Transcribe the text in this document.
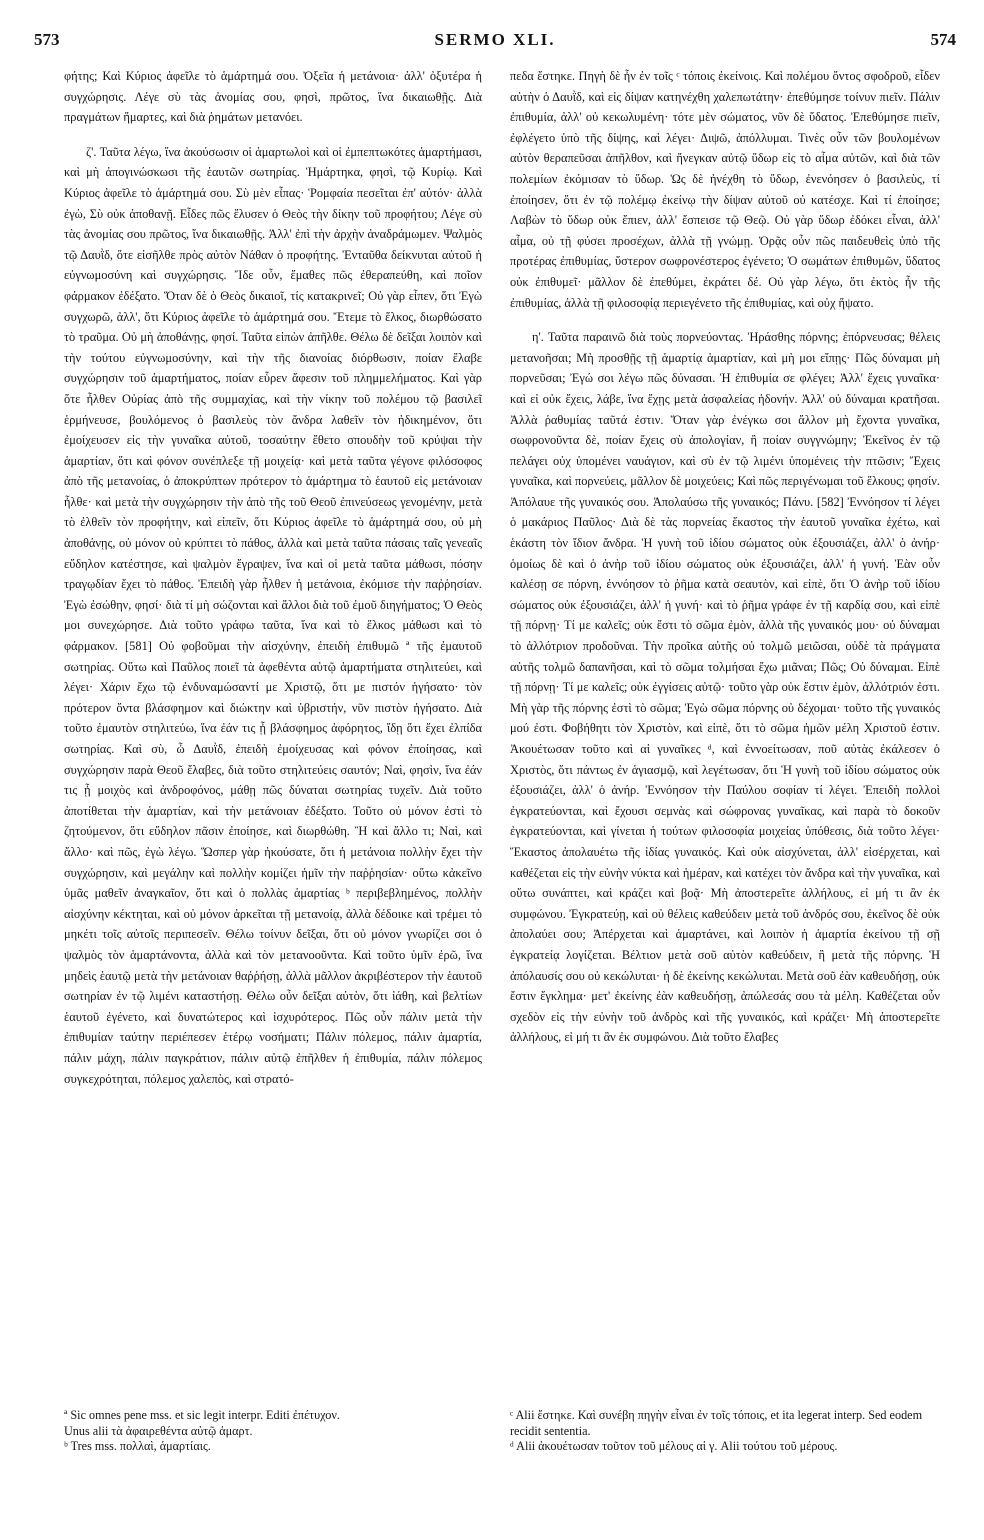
573	SERMO XLI.	574

φήτης; Καὶ Κύριος ἀφεῖλε τὸ ἁμάρτημά σου. Ὀξεῖα ἡ μετάνοια· ἀλλ' ὀξυτέρα ἡ συγχώρησις. Λέγε σὺ τὰς ἀνομίας σου, φησὶ, πρῶτος, ἵνα δικαιωθῇς. Διὰ πραγμάτων ἥμαρτες, καὶ διὰ ῥημάτων μετανόει.

ζ'. Ταῦτα λέγω, ἵνα ἀκούσωσιν οἱ ἁμαρτωλοὶ καὶ οἱ ἐμπεπτωκότες ἁμαρτήμασι, καὶ μὴ ἀπογινώσκωσι τῆς ἑαυτῶν σωτηρίας. Ἡμάρτηκα, φησὶ, τῷ Κυρίῳ. Καὶ Κύριος ἀφεῖλε τὸ ἁμάρτημά σου. Σὺ μὲν εἶπας· Ῥομφαία πεσεῖται ἐπ' αὐτόν· ἀλλὰ ἐγὼ, Σὺ οὐκ ἀποθανῇ. Εἶδες πῶς ἔλυσεν ὁ Θεὸς τὴν δίκην τοῦ προφήτου; Λέγε σὺ τὰς ἀνομίας σου πρῶτος, ἵνα δικαιωθῇς. Ἀλλ' ἐπὶ τὴν ἀρχὴν ἀναδράμωμεν. Ψαλμὸς τῷ Δαυῒδ, ὅτε εἰσῆλθε πρὸς αὐτὸν Νάθαν ὁ προφήτης. Ἐνταῦθα δείκνυται αὐτοῦ ἡ εὐγνωμοσύνη καὶ συγχώρησις. Ἴδε οὖν, ἔμαθες πῶς ἐθεραπεύθη, καὶ ποῖον φάρμακον ἐδέξατο. Ὅταν δὲ ὁ Θεὸς δικαιοῖ, τίς κατακρινεῖ; Οὐ γὰρ εἶπεν, ὅτι Ἐγὼ συγχωρῶ, ἀλλ', ὅτι Κύριος ἀφεῖλε τὸ ἁμάρτημά σου. Ἔτεμε τὸ ἕλκος, διωρθώσατο τὸ τραῦμα. Οὐ μὴ ἀποθάνῃς, φησί. Ταῦτα εἰπὼν ἀπῆλθε. Θέλω δὲ δεῖξαι λοιπὸν καὶ τὴν τούτου εὐγνωμοσύνην, καὶ τὴν τῆς διανοίας διόρθωσιν, ποίαν ἔλαβε συγχώρησιν τοῦ ἁμαρτήματος, ποίαν εὗρεν ἄφεσιν τοῦ πλημμελήματος. Καὶ γὰρ ὅτε ἦλθεν Οὐρίας ἀπὸ τῆς συμμαχίας, καὶ τὴν νίκην τοῦ πολέμου τῷ βασιλεῖ ἑρμήνευσε, βουλόμενος ὁ βασιλεὺς τὸν ἄνδρα λαθεῖν τὸν ἠδικημένον, ὅτι ἐμοίχευσεν εἰς τὴν γυναῖκα αὐτοῦ, τοσαύτην ἔθετο σπουδὴν τοῦ κρύψαι τὴν ἁμαρτίαν, ὅτι καὶ φόνον συνέπλεξε τῇ μοιχείᾳ· καὶ μετὰ ταῦτα γέγονε φιλόσοφος ἀπὸ τῆς μετανοίας, ὁ ἀποκρύπτων πρότερον τὸ ἁμάρτημα τὸ ἑαυτοῦ εἰς μετάνοιαν ἦλθε· καὶ μετὰ τὴν συγχώρησιν τὴν ἀπὸ τῆς τοῦ Θεοῦ ἐπινεύσεως γενομένην, μετὰ τὸ ἐλθεῖν τὸν προφήτην, καὶ εἰπεῖν, ὅτι Κύριος ἀφεῖλε τὸ ἁμάρτημά σου, οὐ μὴ ἀποθάνῃς, οὐ μόνον οὐ κρύπτει τὸ πάθος, ἀλλὰ καὶ μετὰ ταῦτα πάσαις ταῖς γενεαῖς εὔδηλον κατέστησε, καὶ ψαλμὸν ἔγραψεν, ἵνα καὶ οἱ μετὰ ταῦτα μάθωσι, πόσην τραγῳδίαν ἔχει τὸ πάθος. Ἐπειδὴ γὰρ ἦλθεν ἡ μετάνοια, ἐκόμισε τὴν παῤῥησίαν. Ἐγὼ ἐσώθην, φησί· διὰ τί μὴ σώζονται καὶ ἄλλοι διὰ τοῦ ἐμοῦ διηγήματος; Ὁ Θεὸς μοι συνεχώρησε. Διὰ τοῦτο γράφω ταῦτα, ἵνα καὶ τὸ ἕλκος μάθωσι καὶ τὸ φάρμακον. [581] Οὐ φοβοῦμαι τὴν αἰσχύνην, ἐπειδὴ ἐπιθυμῶ ª τῆς ἐμαυτοῦ σωτηρίας. Οὕτω καὶ Παῦλος ποιεῖ τὰ ἀφεθέντα αὐτῷ ἁμαρτήματα στηλιτεύει, καὶ λέγει· Χάριν ἔχω τῷ ἐνδυναμώσαντί με Χριστῷ, ὅτι με πιστόν ἡγήσατο· τὸν πρότερον ὄντα βλάσφημον καὶ διώκτην καὶ ὑβριστήν, νῦν πιστὸν ἡγήσατο. Διὰ τοῦτο ἐμαυτὸν στηλιτεύω, ἵνα ἐάν τις ᾖ βλάσφημος ἀφόρητος, ἴδῃ ὅτι ἔχει ἐλπίδα σωτηρίας. Καὶ σὺ, ὦ Δαυῒδ, ἐπειδὴ ἐμοίχευσας καὶ φόνον ἐποίησας, καὶ συγχώρησιν παρὰ Θεοῦ ἔλαβες, διὰ τοῦτο στηλιτεύεις σαυτόν; Ναὶ, φησὶν, ἵνα ἐάν τις ᾖ μοιχὸς καὶ ἀνδροφόνος, μάθῃ πῶς δύναται σωτηρίας τυχεῖν. Διὰ τοῦτο ἀποτίθεται τὴν ἁμαρτίαν, καὶ τὴν μετάνοιαν ἐδέξατο. Τοῦτο οὐ μόνον ἐστὶ τὸ ζητούμενον, ὅτι εὔδηλον πᾶσιν ἐποίησε, καὶ διωρθώθη. Ἢ καὶ ἄλλο τι; Ναὶ, καὶ ἄλλο· καὶ πῶς, ἐγὼ λέγω. Ὥσπερ γὰρ ἠκούσατε, ὅτι ἡ μετάνοια πολλὴν ἔχει τὴν συγχώρησιν, καὶ μεγάλην καὶ πολλὴν κομίζει ἡμῖν τὴν παῤῥησίαν· οὕτω κἀκεῖνο ὑμᾶς μαθεῖν ἀναγκαῖον, ὅτι καὶ ὁ πολλὰς ἁμαρτίας ᵇ περιβεβλημένος, πολλὴν αἰσχύνην κέκτηται, καὶ οὐ μόνον ἀρκεῖται τῇ μετανοίᾳ, ἀλλὰ δέδοικε καὶ τρέμει τὸ μηκέτι τοῖς αὐτοῖς περιπεσεῖν. Θέλω τοίνυν δεῖξαι, ὅτι οὐ μόνον γνωρίζει σοι ὁ ψαλμὸς τὸν ἁμαρτάνοντα, ἀλλὰ καὶ τὸν μετανοοῦντα. Καὶ τοῦτο ὑμῖν ἐρῶ, ἵνα μηδεὶς ἑαυτῷ μετὰ τὴν μετάνοιαν θαῤῥήσῃ, ἀλλὰ μᾶλλον ἀκριβέστερον τὴν ἑαυτοῦ σωτηρίαν ἐν τῷ λιμένι καταστήσῃ. Θέλω οὖν δεῖξαι αὐτὸν, ὅτι ἰάθη, καὶ βελτίων ἑαυτοῦ ἐγένετο, καὶ δυνατώτερος καὶ ἰσχυρότερος. Πῶς οὖν πάλιν μετὰ τὴν ἐπιθυμίαν ταύτην περιέπεσεν ἑτέρῳ νοσήματι; Πάλιν πόλεμος, πάλιν ἁμαρτία, πάλιν μάχη, πάλιν παγκράτιον, πάλιν αὐτῷ ἐπῆλθεν ἡ ἐπιθυμία, πάλιν πόλεμος συγκεχρότηται, πόλεμος χαλεπὸς, καὶ στρατό-

πεδα ἔστηκε. Πηγὴ δὲ ἦν ἐν τοῖς ᶜ τόποις ἐκείνοις. Καὶ πολέμου ὄντος σφοδροῦ, εἶδεν αὐτὴν ὁ Δαυῒδ, καὶ εἰς δίψαν κατηνέχθη χαλεπωτάτην· ἐπεθύμησε τοίνυν πιεῖν. Πάλιν ἐπιθυμία, ἀλλ' οὐ κεκωλυμένη· τότε μὲν σώματος, νῦν δὲ ὕδατος. Ἐπεθύμησε πιεῖν, ἐφλέγετο ὑπὸ τῆς δίψης, καὶ λέγει· Διψῶ, ἀπόλλυμαι. Τινὲς οὖν τῶν βουλομένων αὐτὸν θεραπεῦσαι ἀπῆλθον, καὶ ἤνεγκαν αὐτῷ ὕδωρ εἰς τὸ αἷμα αὐτῶν, καὶ διὰ τῶν πολεμίων ἐκόμισαν τὸ ὕδωρ. Ὡς δὲ ἠνέχθη τὸ ὕδωρ, ἐνενόησεν ὁ βασιλεὺς, τί ἐποίησεν, ὅτι ἐν τῷ πολέμῳ ἐκείνῳ τὴν δίψαν αὐτοῦ οὐ κατέσχε. Καὶ τί ἐποίησε; Λαβὼν τὸ ὕδωρ οὐκ ἔπιεν, ἀλλ' ἔσπεισε τῷ Θεῷ. Οὐ γὰρ ὕδωρ ἐδόκει εἶναι, ἀλλ' αἷμα, οὐ τῇ φύσει προσέχων, ἀλλὰ τῇ γνώμῃ. Ὁρᾷς οὖν πῶς παιδευθεὶς ὑπὸ τῆς προτέρας ἐπιθυμίας, ὕστερον σωφρονέστερος ἐγένετο; Ὁ σωμάτων ἐπιθυμῶν, ὕδατος οὐκ ἐπιθυμεῖ· μᾶλλον δὲ ἐπεθύμει, ἐκράτει δέ. Οὐ γὰρ λέγω, ὅτι ἐκτὸς ἦν τῆς ἐπιθυμίας, ἀλλὰ τῇ φιλοσοφίᾳ περιεγένετο τῆς ἐπιθυμίας, καὶ οὐχ ἥψατο.

η'. Ταῦτα παραινῶ διὰ τοὺς πορνεύοντας. Ἠράσθης πόρνης; ἐπόρνευσας; θέλεις μετανοῆσαι; Μὴ προσθῇς τῇ ἁμαρτίᾳ ἁμαρτίαν, καὶ μὴ μοι εἴπῃς· Πῶς δύναμαι μὴ πορνεῦσαι; Ἐγώ σοι λέγω πῶς δύνασαι. Ἡ ἐπιθυμία σε φλέγει; Ἀλλ' ἔχεις γυναῖκα· καὶ εἰ οὐκ ἔχεις, λάβε, ἵνα ἔχῃς μετὰ ἀσφαλείας ἡδονήν. Ἀλλ' οὐ δύναμαι κρατῆσαι. Ἀλλὰ ῥαθυμίας ταῦτά ἐστιν. Ὅταν γὰρ ἐνέγκω σοι ἄλλον μὴ ἔχοντα γυναῖκα, σωφρονοῦντα δὲ, ποίαν ἔχεις σὺ ἀπολογίαν, ἢ ποίαν συγγνώμην; Ἐκεῖνος ἐν τῷ πελάγει οὐχ ὑπομένει ναυάγιον, καὶ σὺ ἐν τῷ λιμένι ὑπομένεις τὴν πτῶσιν; Ἔχεις γυναῖκα, καὶ πορνεύεις, μᾶλλον δὲ μοιχεύεις; Καὶ πῶς περιγένωμαι τοῦ ἕλκους; φησίν. Ἀπόλαυε τῆς γυναικός σου. Ἀπολαύσω τῆς γυναικός; Πάνυ. [582] Ἐννόησον τί λέγει ὁ μακάριος Παῦλος· Διὰ δὲ τὰς πορνείας ἕκαστος τὴν ἑαυτοῦ γυναῖκα ἐχέτω, καὶ ἑκάστη τὸν ἴδιον ἄνδρα. Ἡ γυνὴ τοῦ ἰδίου σώματος οὐκ ἐξουσιάζει, ἀλλ' ὁ ἀνήρ· ὁμοίως δὲ καὶ ὁ ἀνὴρ τοῦ ἰδίου σώματος οὐκ ἐξουσιάζει, ἀλλ' ἡ γυνή. Ἐὰν οὖν καλέσῃ σε πόρνη, ἐννόησον τὸ ῥῆμα κατὰ σεαυτὸν, καὶ εἰπὲ, ὅτι Ὁ ἀνὴρ τοῦ ἰδίου σώματος οὐκ ἐξουσιάζει, ἀλλ' ἡ γυνή· καὶ τὸ ῥῆμα γράφε ἐν τῇ καρδίᾳ σου, καὶ εἰπὲ τῇ πόρνῃ· Τί με καλεῖς; οὐκ ἔστι τὸ σῶμα ἐμὸν, ἀλλὰ τῆς γυναικός μου· οὐ δύναμαι τὸ ἀλλότριον προδοῦναι. Τὴν προῖκα αὐτῆς οὐ τολμῶ μειῶσαι, οὐδὲ τὰ πράγματα αὐτῆς τολμῶ δαπανῆσαι, καὶ τὸ σῶμα τολμήσαι ἔχω μιᾶναι; Πῶς; Οὐ δύναμαι. Εἰπὲ τῇ πόρνῃ· Τί με καλεῖς; οὐκ ἐγγίσεις αὐτῷ· τοῦτο γὰρ οὐκ ἔστιν ἐμὸν, ἀλλότριόν ἐστι. Μὴ γὰρ τῆς πόρνης ἐστὶ τὸ σῶμα; Ἐγὼ σῶμα πόρνης οὐ δέχομαι· τοῦτο τῆς γυναικός μού ἐστι. Φοβήθητι τὸν Χριστὸν, καὶ εἰπὲ, ὅτι τὸ σῶμα ἡμῶν μέλη Χριστοῦ ἐστιν. Ἀκουέτωσαν τοῦτο καὶ αἱ γυναῖκες ᵈ, καὶ ἐννοείτωσαν, ποῦ αὐτὰς ἐκάλεσεν ὁ Χριστὸς, ὅτι πάντως ἐν ἁγιασμῷ, καὶ λεγέτωσαν, ὅτι Ἡ γυνὴ τοῦ ἰδίου σώματος οὐκ ἐξουσιάζει, ἀλλ' ὁ ἀνήρ. Ἐννόησον τὴν Παύλου σοφίαν τί λέγει. Ἐπειδὴ πολλοὶ ἐγκρατεύονται, καὶ ἔχουσι σεμνὰς καὶ σώφρονας γυναῖκας, καὶ παρὰ τὸ δοκοῦν ἐγκρατεύονται, καὶ γίνεται ἡ τούτων φιλοσοφία μοιχείας ὑπόθεσις, διὰ τοῦτο λέγει· Ἕκαστος ἀπολαυέτω τῆς ἰδίας γυναικός. Καὶ οὐκ αἰσχύνεται, ἀλλ' εἰσέρχεται, καὶ καθέζεται εἰς τὴν εὐνὴν νύκτα καὶ ἡμέραν, καὶ κατέχει τὸν ἄνδρα καὶ τὴν γυναῖκα, καὶ οὕτω συνάπτει, καὶ κράζει καὶ βοᾷ· Μὴ ἀποστερεῖτε ἀλλήλους, εἰ μή τι ἂν ἐκ συμφώνου. Ἐγκρατεύῃ, καὶ οὐ θέλεις καθεύδειν μετὰ τοῦ ἀνδρός σου, ἐκεῖνος δὲ οὐκ ἀπολαύει σου; Ἀπέρχεται καὶ ἁμαρτάνει, καὶ λοιπὸν ἡ ἁμαρτία ἐκείνου τῇ σῇ ἐγκρατείᾳ λογίζεται. Βέλτιον μετὰ σοῦ αὐτὸν καθεύδειν, ἢ μετὰ τῆς πόρνης. Ἡ ἀπόλαυσίς σου οὐ κεκώλυται· ἡ δὲ ἐκείνης κεκώλυται. Μετὰ σοῦ ἐὰν καθευδήσῃ, οὐκ ἔστιν ἔγκλημα· μετ' ἐκείνης ἐὰν καθευδήσῃ, ἀπώλεσάς σου τὰ μέλη. Καθέζεται οὖν σχεδὸν εἰς τὴν εὐνὴν τοῦ ἀνδρὸς καὶ τῆς γυναικός, καὶ κράζει· Μὴ ἀποστερεῖτε ἀλλήλους, εἰ μή τι ἂν ἐκ συμφώνου. Διὰ τοῦτο ἔλαβες

ª Sic omnes pene mss. et sic legit interpr. Editi ἐπέτυχον.
Unus alii τὰ ἀφαιρεθέντα αὐτῷ ἁμαρτ.
ᵇ Tres mss. πολλαὶ, ἁμαρτίαις.
ᶜ Alii ἔστηκε. Καὶ συνέβη πηγὴν εἶναι ἐν τοῖς τόποις, et ita legerat interp. Sed eodem recidit sententia.
ᵈ Alii ἀκουέτωσαν τοῦτον τοῦ μέλους αἱ γ. Alii τούτου τοῦ μέρους.
